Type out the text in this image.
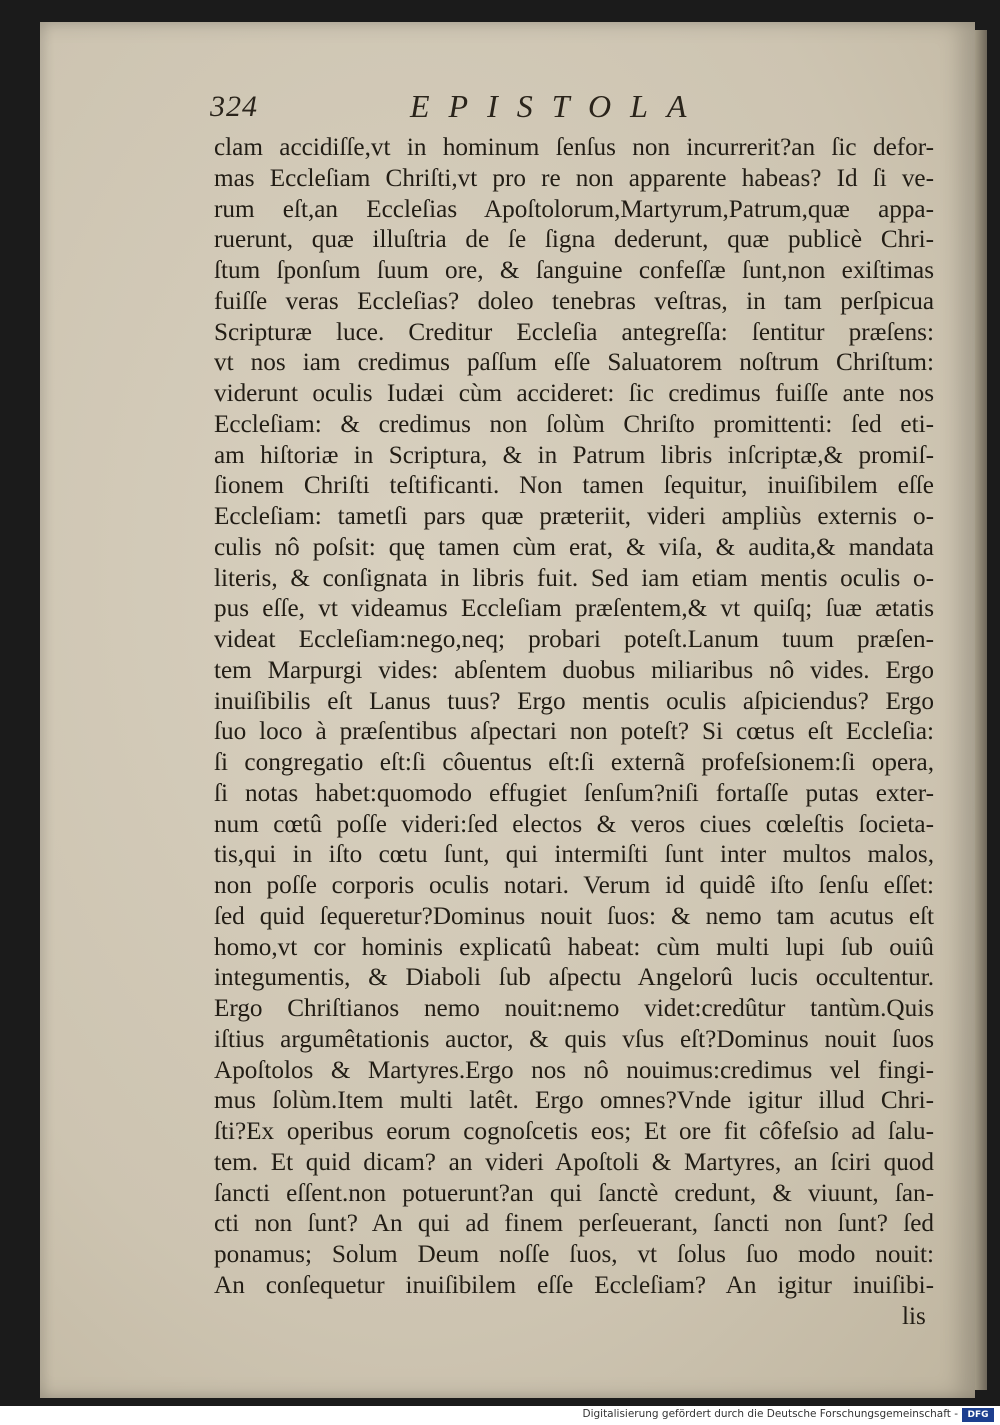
324	EPISTOLA
clam accidiſſe,vt in hominum ſenſus non incurrerit?an ſic defor-
mas Eccleſiam Chriſti,vt pro re non apparente habeas? Id ſi ve-
rum eſt,an Eccleſias Apoſtolorum,Martyrum,Patrum,quæ appa-
ruerunt, quæ illuſtria de ſe ſigna dederunt, quæ publicè Chri-
ſtum ſponſum ſuum ore, & ſanguine confeſſæ ſunt,non exiſtimas
fuiſſe veras Eccleſias? doleo tenebras veſtras, in tam perſpicua
Scripturæ luce. Creditur Eccleſia antegreſſa: ſentitur præſens:
vt nos iam credimus paſſum eſſe Saluatorem noſtrum Chriſtum:
viderunt oculis Iudæi cùm accideret: ſic credimus fuiſſe ante nos
Eccleſiam: & credimus non ſolùm Chriſto promittenti: ſed eti-
am hiſtoriæ in Scriptura, & in Patrum libris inſcriptæ,& promiſ-
ſionem Chriſti teſtificanti. Non tamen ſequitur, inuiſibilem eſſe
Eccleſiam: tametſi pars quæ præteriit, videri ampliùs externis o-
culis nô poſsit: quę tamen cùm erat, & viſa, & audita,& mandata
literis, & conſignata in libris fuit. Sed iam etiam mentis oculis o-
pus eſſe, vt videamus Eccleſiam præſentem,& vt quiſq; ſuæ ætatis
videat Eccleſiam:nego,neq; probari poteſt.Lanum tuum præſen-
tem Marpurgi vides: abſentem duobus miliaribus nô vides. Ergo
inuiſibilis eſt Lanus tuus? Ergo mentis oculis aſpiciendus? Ergo
ſuo loco à præſentibus aſpectari non poteſt? Si cœtus eſt Eccleſia:
ſi congregatio eſt:ſi côuentus eſt:ſi externã profeſsionem:ſi opera,
ſi notas habet:quomodo effugiet ſenſum?niſi fortaſſe putas exter-
num cœtû poſſe videri:ſed electos & veros ciues cœleſtis ſocieta-
tis,qui in iſto cœtu ſunt, qui intermiſti ſunt inter multos malos,
non poſſe corporis oculis notari. Verum id quidê iſto ſenſu eſſet:
ſed quid ſequeretur?Dominus nouit ſuos: & nemo tam acutus eſt
homo,vt cor hominis explicatû habeat: cùm multi lupi ſub ouiû
integumentis, & Diaboli ſub aſpectu Angelorû lucis occultentur.
Ergo Chriſtianos nemo nouit:nemo videt:credûtur tantùm.Quis
iſtius argumêtationis auctor, & quis vſus eſt?Dominus nouit ſuos
Apoſtolos & Martyres.Ergo nos nô nouimus:credimus vel fingi-
mus ſolùm.Item multi latêt. Ergo omnes?Vnde igitur illud Chri-
ſti?Ex operibus eorum cognoſcetis eos; Et ore fit côfeſsio ad ſalu-
tem. Et quid dicam? an videri Apoſtoli & Martyres, an ſciri quod
ſancti eſſent.non potuerunt?an qui ſanctè credunt, & viuunt, ſan-
cti non ſunt? An qui ad finem perſeuerant, ſancti non ſunt? ſed
ponamus; Solum Deum noſſe ſuos, vt ſolus ſuo modo nouit:
An conſequetur inuiſibilem eſſe Eccleſiam? An igitur inuiſibi-
lis
Digitalisierung gefördert durch die Deutsche Forschungsgemeinschaft -	DFG
